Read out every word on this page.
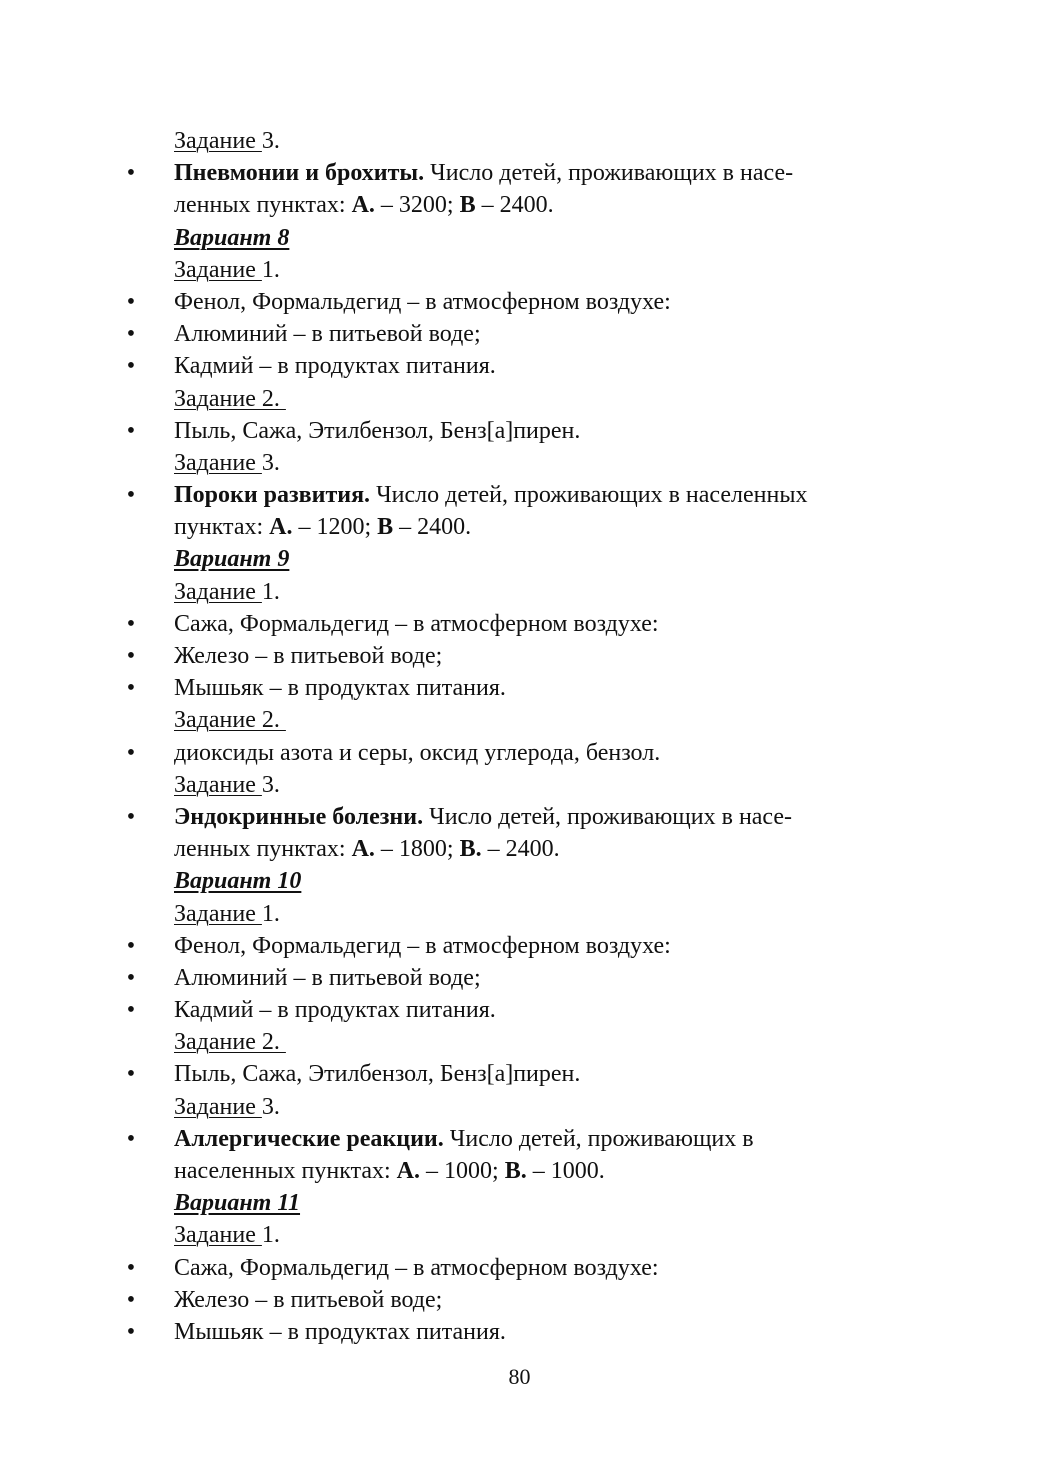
Задание 3.
• Пневмонии и брохиты. Число детей, проживающих в насе-
ленных пунктах: А. – 3200; В – 2400.
Вариант 8
Задание 1.
• Фенол, Формальдегид – в атмосферном воздухе:
• Алюминий – в питьевой воде;
• Кадмий – в продуктах питания.
Задание 2.
• Пыль, Сажа, Этилбензол, Бенз[а]пирен.
Задание 3.
• Пороки развития. Число детей, проживающих в населенных
пунктах: А. – 1200; В – 2400.
Вариант 9
Задание 1.
• Сажа, Формальдегид – в атмосферном воздухе:
• Железо – в питьевой воде;
• Мышьяк – в продуктах питания.
Задание 2.
• диоксиды азота и серы, оксид углерода, бензол.
Задание 3.
• Эндокринные болезни. Число детей, проживающих в насе-
ленных пунктах: А. – 1800; В. – 2400.
Вариант 10
Задание 1.
• Фенол, Формальдегид – в атмосферном воздухе:
• Алюминий – в питьевой воде;
• Кадмий – в продуктах питания.
Задание 2.
• Пыль, Сажа, Этилбензол, Бенз[а]пирен.
Задание 3.
• Аллергические реакции. Число детей, проживающих в
населенных пунктах: А. – 1000; В. – 1000.
Вариант 11
Задание 1.
• Сажа, Формальдегид – в атмосферном воздухе:
• Железо – в питьевой воде;
• Мышьяк – в продуктах питания.
80
